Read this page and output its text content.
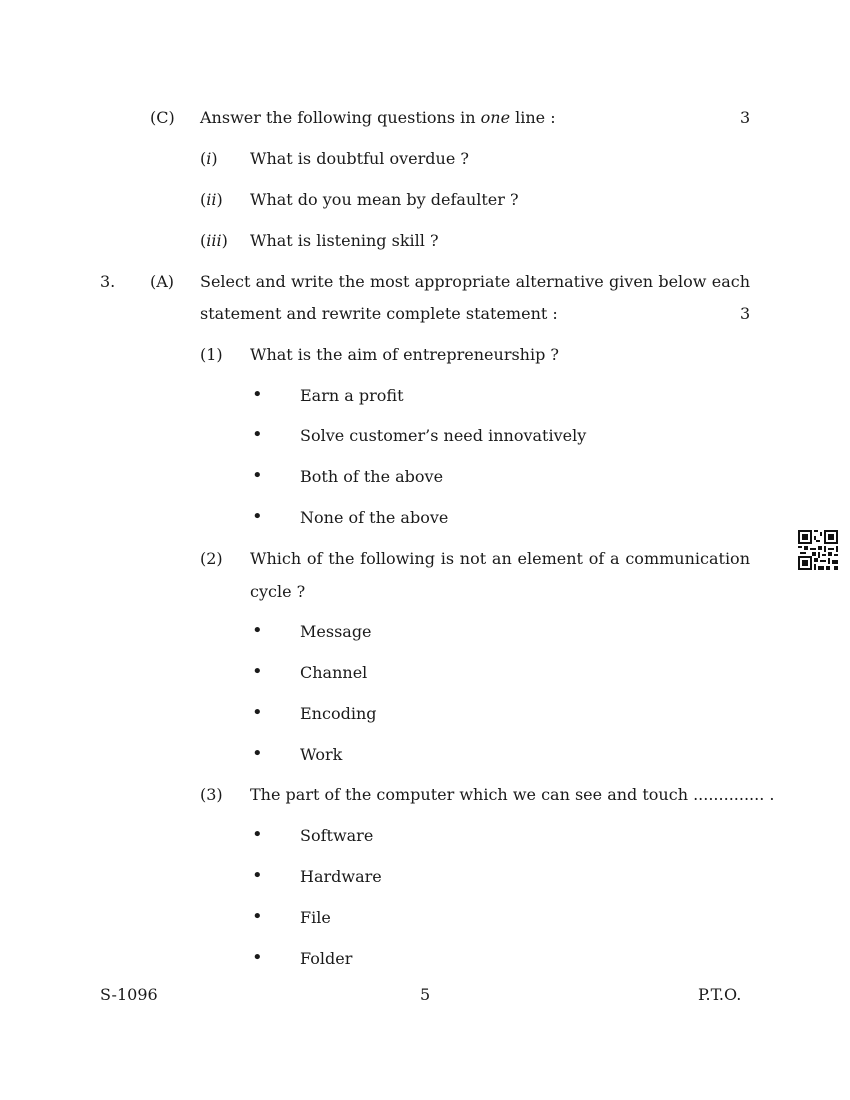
(C) Answer the following questions in one line :	3
(i) What is doubtful overdue ?
(ii) What do you mean by defaulter ?
(iii) What is listening skill ?
3. (A) Select and write the most appropriate alternative given below each
statement and rewrite complete statement :	3
(1) What is the aim of entrepreneurship ?
• Earn a profit
• Solve customer’s need innovatively
• Both of the above
• None of the above
(2) Which of the following is not an element of a communication
cycle ?
• Message
• Channel
• Encoding
• Work
(3) The part of the computer which we can see and touch .............. .
• Software
• Hardware
• File
• Folder
S-1096	5	P.T.O.
